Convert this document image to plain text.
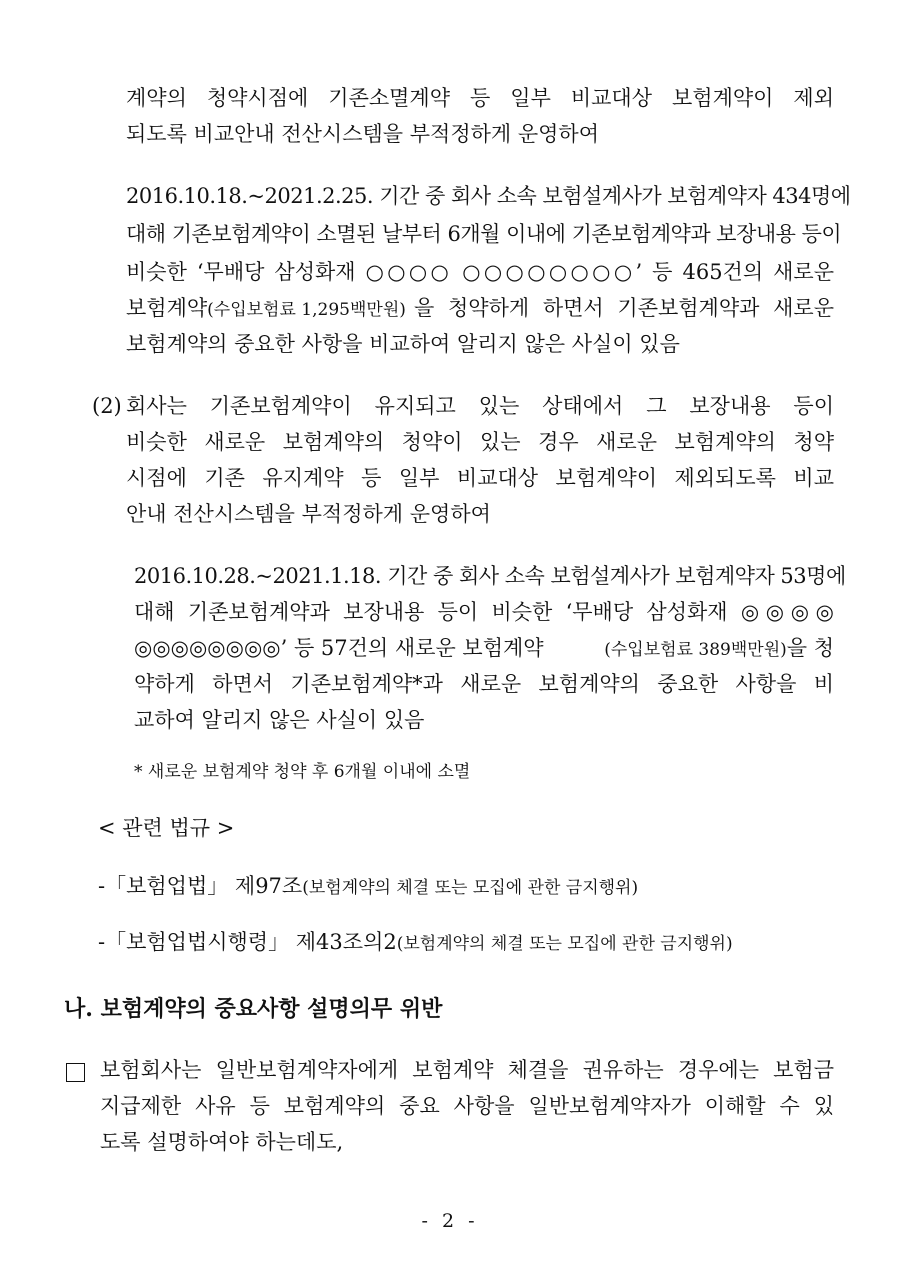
계약의 청약시점에 기존소멸계약 등 일부 비교대상 보험계약이 제외
되도록 비교안내 전산시스템을 부적정하게 운영하여
2016.10.18.~2021.2.25. 기간 중 회사 소속 보험설계사가 보험계약자 434명에
대해 기존보험계약이 소멸된 날부터 6개월 이내에 기존보험계약과 보장내용 등이
비슷한 ‘무배당 삼성화재 ○○○○ ○○○○○○○○’ 등 465건의 새로운
보험계약(수입보험료 1,295백만원) 을 청약하게 하면서 기존보험계약과 새로운
보험계약의 중요한 사항을 비교하여 알리지 않은 사실이 있음
(2) 회사는 기존보험계약이 유지되고 있는 상태에서 그 보장내용 등이
비슷한 새로운 보험계약의 청약이 있는 경우 새로운 보험계약의 청약
시점에 기존 유지계약 등 일부 비교대상 보험계약이 제외되도록 비교
안내 전산시스템을 부적정하게 운영하여
2016.10.28.~2021.1.18. 기간 중 회사 소속 보험설계사가 보험계약자 53명에
대해 기존보험계약과 보장내용 등이 비슷한 ‘무배당 삼성화재 ◎◎◎◎
◎◎◎◎◎◎◎◎’ 등 57건의 새로운 보험계약	(수입보험료 389백만원)을 청
약하게 하면서 기존보험계약*과 새로운 보험계약의 중요한 사항을 비
교하여 알리지 않은 사실이 있음
* 새로운 보험계약 청약 후 6개월 이내에 소멸
< 관련 법규 >
-「보험업법」 제97조(보험계약의 체결 또는 모집에 관한 금지행위)
-「보험업법시행령」 제43조의2(보험계약의 체결 또는 모집에 관한 금지행위)
나. 보험계약의 중요사항 설명의무 위반
보험회사는 일반보험계약자에게 보험계약 체결을 권유하는 경우에는 보험금
지급제한 사유 등 보험계약의 중요 사항을 일반보험계약자가 이해할 수 있
도록 설명하여야 하는데도,
- 2 -
